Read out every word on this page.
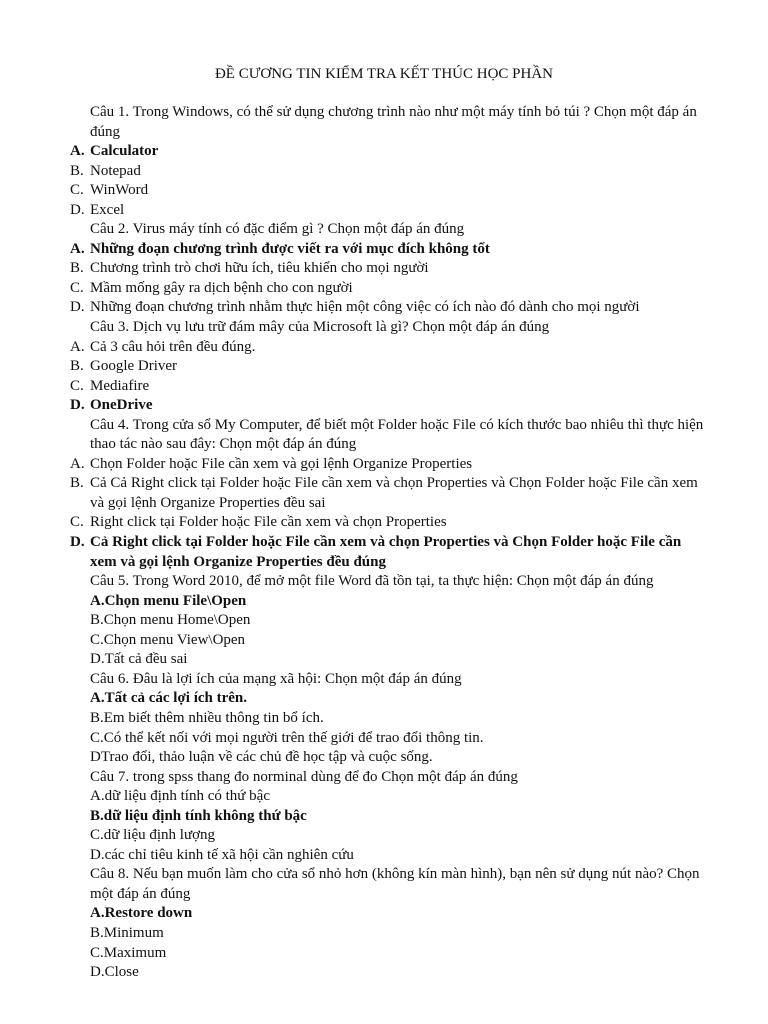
ĐỀ CƯƠNG TIN KIỂM TRA KẾT THÚC HỌC PHẦN
Câu 1. Trong Windows, có thể sử dụng chương trình nào như một máy tính bỏ túi ? Chọn một đáp án đúng
A. Calculator
B. Notepad
C. WinWord
D. Excel
Câu 2. Virus máy tính có đặc điểm gì ? Chọn một đáp án đúng
A. Những đoạn chương trình được viết ra với mục đích không tốt
B. Chương trình trò chơi hữu ích, tiêu khiển cho mọi người
C. Mầm mống gây ra dịch bệnh cho con người
D. Những đoạn chương trình nhằm thực hiện một công việc có ích nào đó dành cho mọi người
Câu 3. Dịch vụ lưu trữ đám mây của Microsoft là gì? Chọn một đáp án đúng
A. Cả 3 câu hỏi trên đều đúng.
B. Google Driver
C. Mediafire
D. OneDrive
Câu 4. Trong cửa sổ My Computer, để biết một Folder hoặc File có kích thước bao nhiêu thì thực hiện thao tác nào sau đây: Chọn một đáp án đúng
A. Chọn Folder hoặc File cần xem và gọi lệnh Organize Properties
B. Cả Cả Right click tại Folder hoặc File cần xem và chọn Properties và Chọn Folder hoặc File cần xem và gọi lệnh Organize Properties đều sai
C. Right click tại Folder hoặc File cần xem và chọn Properties
D. Cả Right click tại Folder hoặc File cần xem và chọn Properties và Chọn Folder hoặc File cần xem và gọi lệnh Organize Properties đều đúng
Câu 5. Trong Word 2010, để mở một file Word đã tồn tại, ta thực hiện: Chọn một đáp án đúng
A.Chọn menu File\Open
B.Chọn menu Home\Open
C.Chọn menu View\Open
D.Tất cả đều sai
Câu 6. Đâu là lợi ích của mạng xã hội: Chọn một đáp án đúng
A.Tất cả các lợi ích trên.
B.Em biết thêm nhiều thông tin bổ ích.
C.Có thể kết nối với mọi người trên thế giới để trao đổi thông tin.
DTrao đổi, thảo luận về các chủ đề học tập và cuộc sống.
Câu 7. trong spss thang đo norminal dùng để đo Chọn một đáp án đúng
A.dữ liệu định tính có thứ bậc
B.dữ liệu định tính không thứ bậc
C.dữ liệu định lượng
D.các chỉ tiêu kinh tế xã hội cần nghiên cứu
Câu 8. Nếu bạn muốn làm cho cửa sổ nhỏ hơn (không kín màn hình), bạn nên sử dụng nút nào? Chọn một đáp án đúng
A.Restore down
B.Minimum
C.Maximum
D.Close
